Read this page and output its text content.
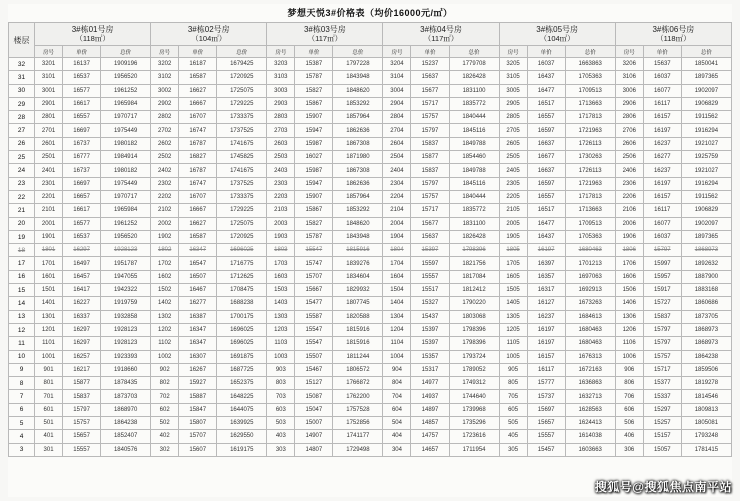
梦想天悦3#价格表（均价16000元/㎡）
楼层	3#栋01号房
（118㎡）			3#栋02号房
（104㎡）			3#栋03号房
（117㎡）			3#栋04号房
（117㎡）			3#栋05号房
（104㎡）			3#栋06号房
（118㎡）		

	房号	单价	总价	房号	单价	总价	房号	单价	总价	房号	单价	总价	房号	单价	总价	房号	单价	总价
32	3201	16137	1909196	3202	16187	1679425	3203	15387	1797228	3204	15237	1779708	3205	16037	1663863	3206	15637	1850041
31	3101	16537	1956520	3102	16587	1720925	3103	15787	1843948	3104	15637	1826428	3105	16437	1705363	3106	16037	1897365
30	3001	16577	1961252	3002	16627	1725075	3003	15827	1848620	3004	15677	1831100	3005	16477	1709513	3006	16077	1902097
29	2901	16617	1965984	2902	16667	1729225	2903	15867	1853292	2904	15717	1835772	2905	16517	1713663	2906	16117	1906829
28	2801	16557	1970717	2802	16707	1733375	2803	15907	1857964	2804	15757	1840444	2805	16557	1717813	2806	16157	1911562
27	2701	16697	1975449	2702	16747	1737525	2703	15947	1862636	2704	15797	1845116	2705	16597	1721963	2706	16197	1916294
26	2601	16737	1980182	2602	16787	1741675	2603	15987	1867308	2604	15837	1849788	2605	16637	1726113	2606	16237	1921027
25	2501	16777	1984914	2502	16827	1745825	2503	16027	1871980	2504	15877	1854460	2505	16677	1730263	2506	16277	1925759
24	2401	16737	1980182	2402	16787	1741675	2403	15987	1867308	2404	15837	1849788	2405	16637	1726113	2406	16237	1921027
23	2301	16697	1975449	2302	16747	1737525	2303	15947	1862636	2304	15797	1845116	2305	16597	1721963	2306	16197	1916294
22	2201	16657	1970717	2202	16707	1733375	2203	15907	1857964	2204	15757	1840444	2205	16557	1717813	2206	16157	1911562
21	2101	16617	1965984	2102	16667	1729225	2103	15867	1853292	2104	15717	1835772	2105	16517	1713663	2106	16117	1906829
20	2001	16577	1961252	2002	16627	1725075	2003	15827	1848620	2004	15677	1831100	2005	16477	1709513	2006	16077	1902097
19	1901	16537	1956520	1902	16587	1720925	1903	15787	1843948	1904	15637	1826428	1905	16437	1705363	1906	16037	1897365
18	1801	16297	1928123	1802	16347	1696025	1803	15547	1815916	1804	15397	1798396	1805	16197	1680463	1806	15797	1868973
17	1701	16497	1951787	1702	16547	1716775	1703	15747	1839276	1704	15597	1821756	1705	16397	1701213	1706	15997	1892632
16	1601	16457	1947055	1602	16507	1712625	1603	15707	1834604	1604	15557	1817084	1605	16357	1697063	1606	15957	1887900
15	1501	16417	1942322	1502	16467	1708475	1503	15667	1829932	1504	15517	1812412	1505	16317	1692913	1506	15917	1883168
14	1401	16227	1919759	1402	16277	1688238	1403	15477	1807745	1404	15327	1790220	1405	16127	1673263	1406	15727	1860686
13	1301	16337	1932858	1302	16387	1700175	1303	15587	1820588	1304	15437	1803068	1305	16237	1684613	1306	15837	1873705
12	1201	16297	1928123	1202	16347	1696025	1203	15547	1815916	1204	15397	1798396	1205	16197	1680463	1206	15797	1868973
11	1101	16297	1928123	1102	16347	1696025	1103	15547	1815916	1104	15397	1798396	1105	16197	1680463	1106	15797	1868973
10	1001	16257	1923393	1002	16307	1691875	1003	15507	1811244	1004	15357	1793724	1005	16157	1676313	1006	15757	1864238
9	901	16217	1918660	902	16267	1687725	903	15467	1806572	904	15317	1789052	905	16117	1672163	906	15717	1859506
8	801	15877	1878435	802	15927	1652375	803	15127	1766872	804	14977	1749312	805	15777	1636863	806	15377	1819278
7	701	15837	1873703	702	15887	1648225	703	15087	1762200	704	14937	1744640	705	15737	1632713	706	15337	1814546
6	601	15797	1868970	602	15847	1644075	603	15047	1757528	604	14897	1739968	605	15697	1628563	606	15297	1809813
5	501	15757	1864238	502	15807	1639925	503	15007	1752856	504	14857	1735296	505	15657	1624413	506	15257	1805081
4	401	15657	1852407	402	15707	1629550	403	14907	1741177	404	14757	1723616	405	15557	1614038	406	15157	1793248
3	301	15557	1840576	302	15607	1619175	303	14807	1729498	304	14657	1711954	305	15457	1603663	306	15057	1781415
搜狐号@搜狐焦点南平站
